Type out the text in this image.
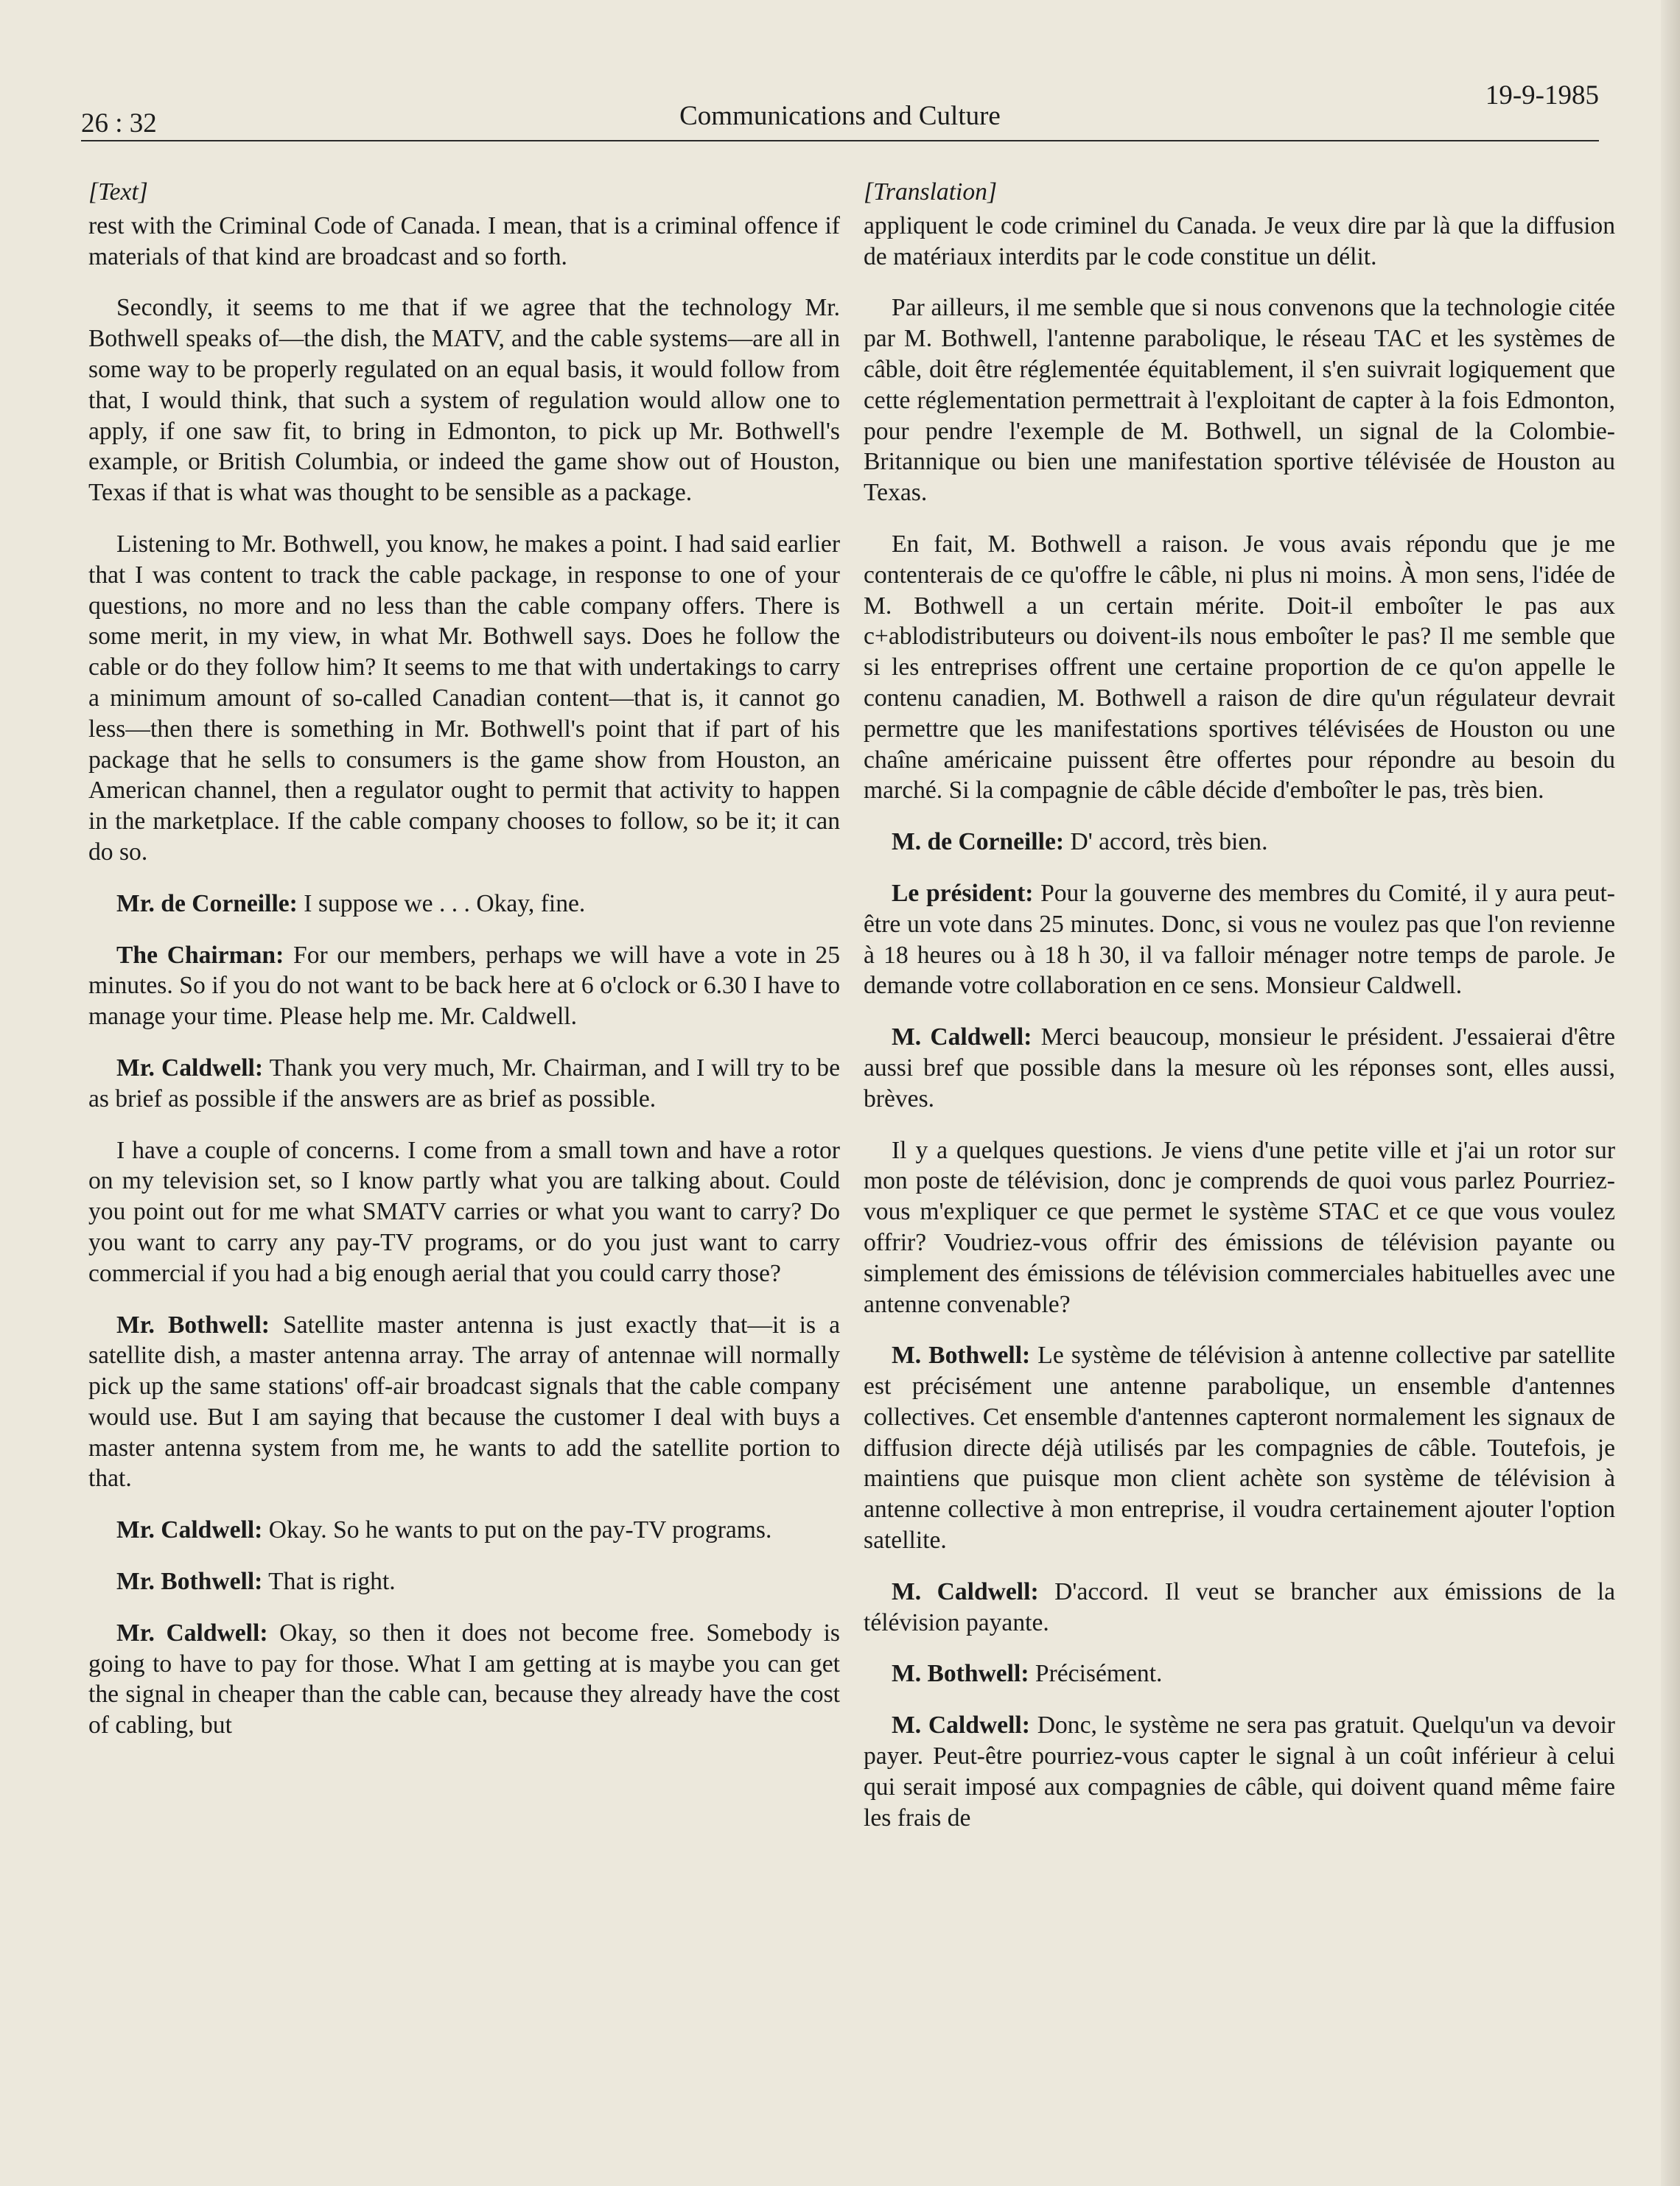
26 : 32	Communications and Culture
19-9-1985

[Text]

rest with the Criminal Code of Canada. I mean, that is a criminal offence if materials of that kind are broadcast and so forth.

Secondly, it seems to me that if we agree that the technology Mr. Bothwell speaks of—the dish, the MATV, and the cable systems—are all in some way to be properly regulated on an equal basis, it would follow from that, I would think, that such a system of regulation would allow one to apply, if one saw fit, to bring in Edmonton, to pick up Mr. Bothwell's example, or British Columbia, or indeed the game show out of Houston, Texas if that is what was thought to be sensible as a package.

Listening to Mr. Bothwell, you know, he makes a point. I had said earlier that I was content to track the cable package, in response to one of your questions, no more and no less than the cable company offers. There is some merit, in my view, in what Mr. Bothwell says. Does he follow the cable or do they follow him? It seems to me that with undertakings to carry a minimum amount of so-called Canadian content—that is, it cannot go less—then there is something in Mr. Bothwell's point that if part of his package that he sells to consumers is the game show from Houston, an American channel, then a regulator ought to permit that activity to happen in the marketplace. If the cable company chooses to follow, so be it; it can do so.

Mr. de Corneille: I suppose we . . . Okay, fine.

The Chairman: For our members, perhaps we will have a vote in 25 minutes. So if you do not want to be back here at 6 o'clock or 6.30 I have to manage your time. Please help me. Mr. Caldwell.

Mr. Caldwell: Thank you very much, Mr. Chairman, and I will try to be as brief as possible if the answers are as brief as possible.

I have a couple of concerns. I come from a small town and have a rotor on my television set, so I know partly what you are talking about. Could you point out for me what SMATV carries or what you want to carry? Do you want to carry any pay-TV programs, or do you just want to carry commercial if you had a big enough aerial that you could carry those?

Mr. Bothwell: Satellite master antenna is just exactly that—it is a satellite dish, a master antenna array. The array of antennae will normally pick up the same stations' off-air broadcast signals that the cable company would use. But I am saying that because the customer I deal with buys a master antenna system from me, he wants to add the satellite portion to that.

Mr. Caldwell: Okay. So he wants to put on the pay-TV programs.

Mr. Bothwell: That is right.

Mr. Caldwell: Okay, so then it does not become free. Somebody is going to have to pay for those. What I am getting at is maybe you can get the signal in cheaper than the cable can, because they already have the cost of cabling, but

[Translation]

appliquent le code criminel du Canada. Je veux dire par là que la diffusion de matériaux interdits par le code constitue un délit.

Par ailleurs, il me semble que si nous convenons que la technologie citée par M. Bothwell, l'antenne parabolique, le réseau TAC et les systèmes de câble, doit être réglementée équitablement, il s'en suivrait logiquement que cette réglementation permettrait à l'exploitant de capter à la fois Edmonton, pour pendre l'exemple de M. Bothwell, un signal de la Colombie-Britannique ou bien une manifestation sportive télévisée de Houston au Texas.

En fait, M. Bothwell a raison. Je vous avais répondu que je me contenterais de ce qu'offre le câble, ni plus ni moins. À mon sens, l'idée de M. Bothwell a un certain mérite. Doit-il emboîter le pas aux c+ablodistributeurs ou doivent-ils nous emboîter le pas? Il me semble que si les entreprises offrent une certaine proportion de ce qu'on appelle le contenu canadien, M. Bothwell a raison de dire qu'un régulateur devrait permettre que les manifestations sportives télévisées de Houston ou une chaîne américaine puissent être offertes pour répondre au besoin du marché. Si la compagnie de câble décide d'emboîter le pas, très bien.

M. de Corneille: D' accord, très bien.

Le président: Pour la gouverne des membres du Comité, il y aura peut-être un vote dans 25 minutes. Donc, si vous ne voulez pas que l'on revienne à 18 heures ou à 18 h 30, il va falloir ménager notre temps de parole. Je demande votre collaboration en ce sens. Monsieur Caldwell.

M. Caldwell: Merci beaucoup, monsieur le président. J'essaierai d'être aussi bref que possible dans la mesure où les réponses sont, elles aussi, brèves.

Il y a quelques questions. Je viens d'une petite ville et j'ai un rotor sur mon poste de télévision, donc je comprends de quoi vous parlez Pourriez-vous m'expliquer ce que permet le système STAC et ce que vous voulez offrir? Voudriez-vous offrir des émissions de télévision payante ou simplement des émissions de télévision commerciales habituelles avec une antenne convenable?

M. Bothwell: Le système de télévision à antenne collective par satellite est précisément une antenne parabolique, un ensemble d'antennes collectives. Cet ensemble d'antennes capteront normalement les signaux de diffusion directe déjà utilisés par les compagnies de câble. Toutefois, je maintiens que puisque mon client achète son système de télévision à antenne collective à mon entreprise, il voudra certainement ajouter l'option satellite.

M. Caldwell: D'accord. Il veut se brancher aux émissions de la télévision payante.

M. Bothwell: Précisément.

M. Caldwell: Donc, le système ne sera pas gratuit. Quelqu'un va devoir payer. Peut-être pourriez-vous capter le signal à un coût inférieur à celui qui serait imposé aux compagnies de câble, qui doivent quand même faire les frais de
